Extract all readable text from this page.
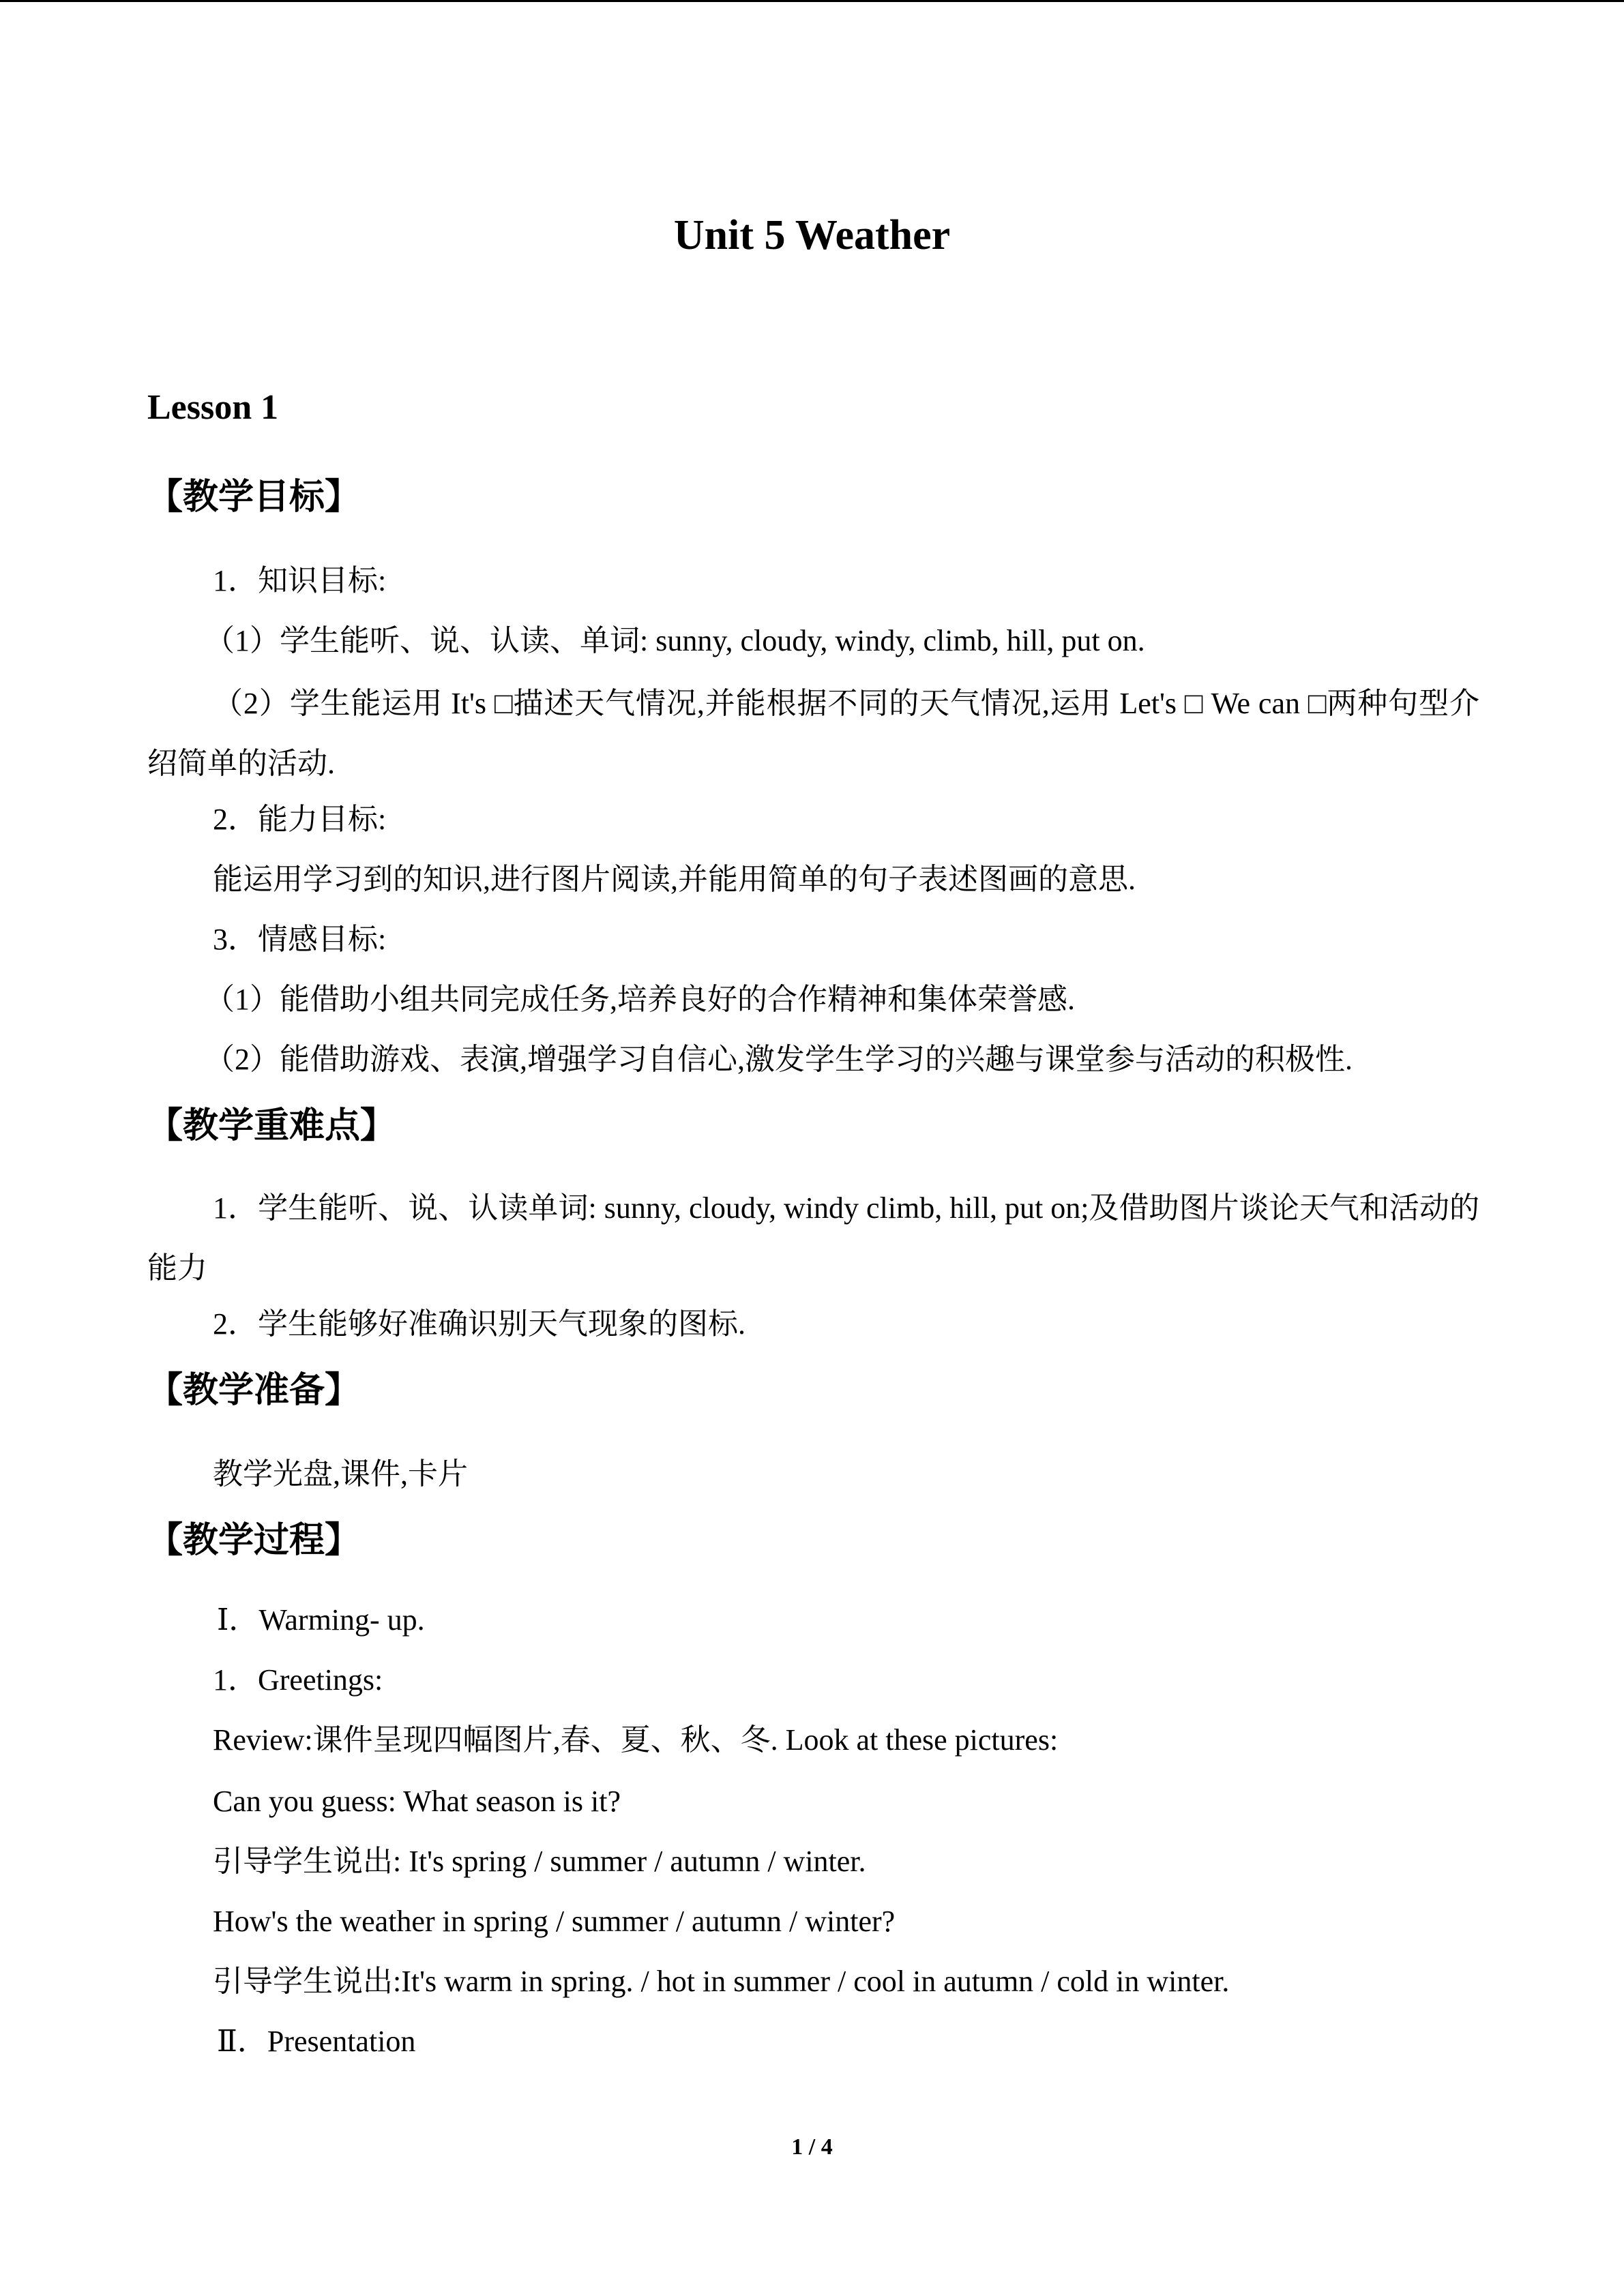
Unit 5 Weather
Lesson 1
【教学目标】
1．知识目标:
（1）学生能听、说、认读、单词: sunny, cloudy, windy, climb, hill, put on.
（2）学生能运用 It's □描述天气情况,并能根据不同的天气情况,运用 Let's □ We can □两种句型介绍简单的活动.
2．能力目标:
能运用学习到的知识,进行图片阅读,并能用简单的句子表述图画的意思.
3．情感目标:
（1）能借助小组共同完成任务,培养良好的合作精神和集体荣誉感.
（2）能借助游戏、表演,增强学习自信心,激发学生学习的兴趣与课堂参与活动的积极性.
【教学重难点】
1．学生能听、说、认读单词: sunny, cloudy, windy climb, hill, put on;及借助图片谈论天气和活动的能力
2．学生能够好准确识别天气现象的图标.
【教学准备】
教学光盘,课件,卡片
【教学过程】
Ⅰ．Warming- up.
1．Greetings:
Review:课件呈现四幅图片,春、夏、秋、冬. Look at these pictures:
Can you guess: What season is it?
引导学生说出: It's spring / summer / autumn / winter.
How's the weather in spring / summer / autumn / winter?
引导学生说出:It's warm in spring. / hot in summer / cool in autumn / cold in winter.
Ⅱ．Presentation
1 / 4
